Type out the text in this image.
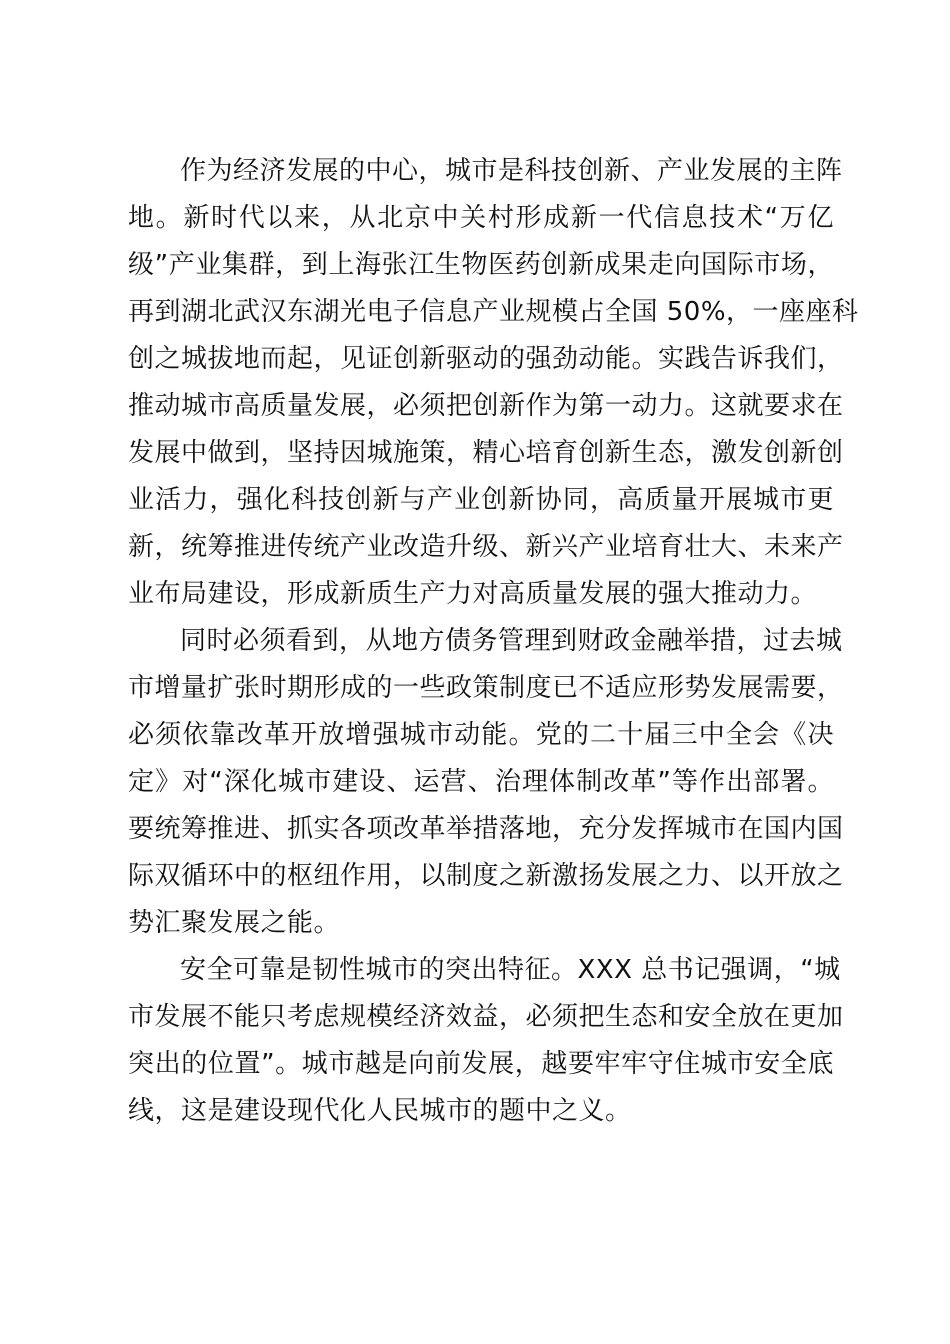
作为经济发展的中心，城市是科技创新、产业发展的主阵
地。新时代以来，从北京中关村形成新一代信息技术“万亿
级”产业集群，到上海张江生物医药创新成果走向国际市场，
再到湖北武汉东湖光电子信息产业规模占全国 50%，一座座科
创之城拔地而起，见证创新驱动的强劲动能。实践告诉我们，
推动城市高质量发展，必须把创新作为第一动力。这就要求在
发展中做到，坚持因城施策，精心培育创新生态，激发创新创
业活力，强化科技创新与产业创新协同，高质量开展城市更
新，统筹推进传统产业改造升级、新兴产业培育壮大、未来产
业布局建设，形成新质生产力对高质量发展的强大推动力。
同时必须看到，从地方债务管理到财政金融举措，过去城
市增量扩张时期形成的一些政策制度已不适应形势发展需要，
必须依靠改革开放增强城市动能。党的二十届三中全会《决
定》对“深化城市建设、运营、治理体制改革”等作出部署。
要统筹推进、抓实各项改革举措落地，充分发挥城市在国内国
际双循环中的枢纽作用，以制度之新激扬发展之力、以开放之
势汇聚发展之能。
安全可靠是韧性城市的突出特征。XXX 总书记强调，“城
市发展不能只考虑规模经济效益，必须把生态和安全放在更加
突出的位置”。城市越是向前发展，越要牢牢守住城市安全底
线，这是建设现代化人民城市的题中之义。
